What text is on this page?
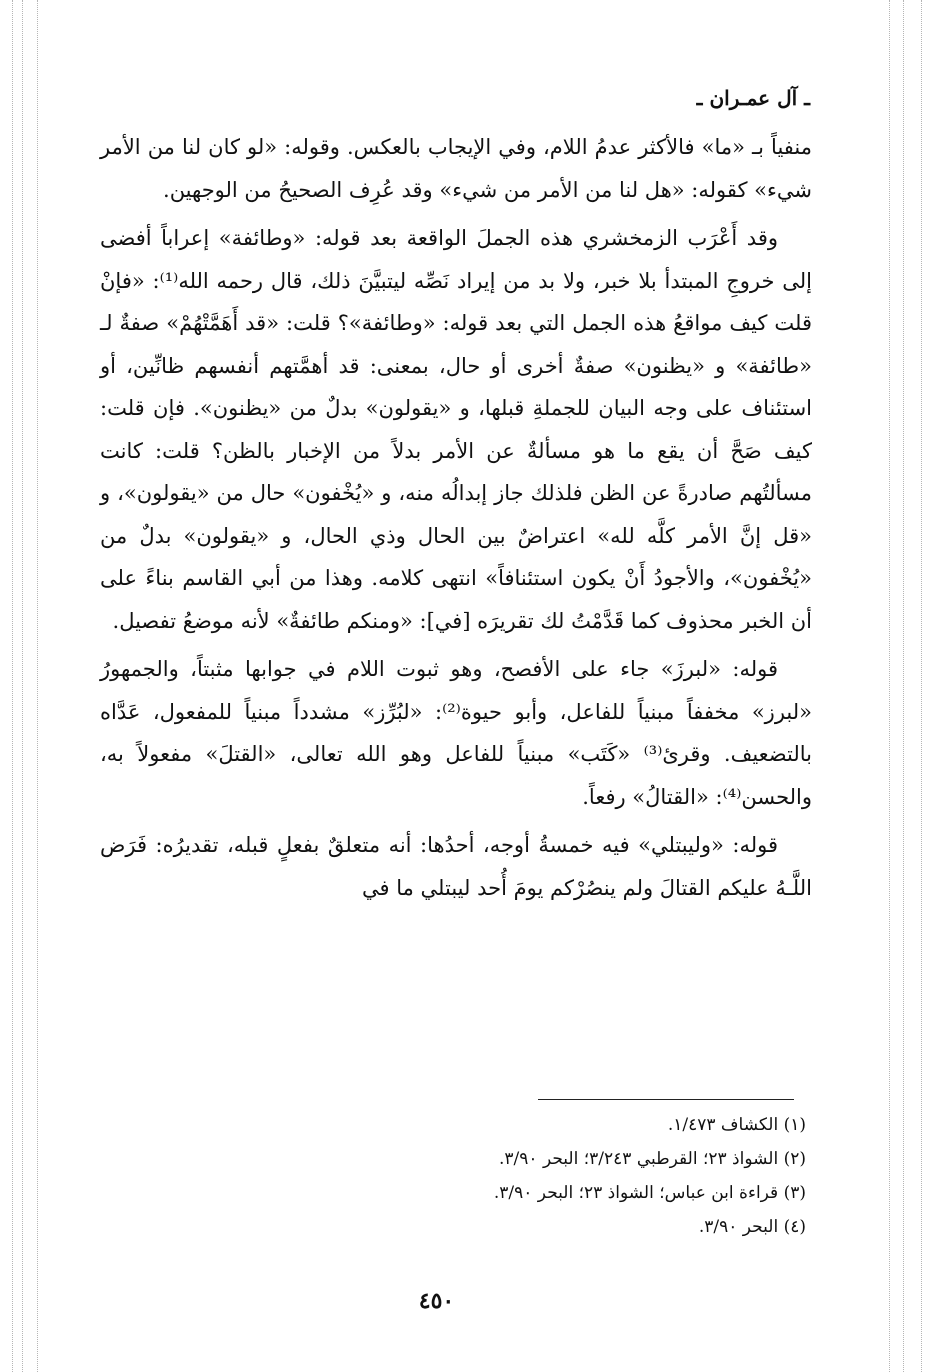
ـ آل عمـران ـ

منفياً بـ «ما» فالأكثر عدمُ اللام، وفي الإيجاب بالعكس. وقوله: «لو كان لنا من الأمر شيء» كقوله: «هل لنا من الأمر من شيء» وقد عُرِف الصحيحُ من الوجهين.

وقد أَعْرَب الزمخشري هذه الجملَ الواقعة بعد قوله: «وطائفة» إعراباً أفضى إلى خروجِ المبتدأ بلا خبر، ولا بد من إيراد نَصِّه ليتبيَّنَ ذلك، قال رحمه الله⁽¹⁾: «فإنْ قلت كيف مواقعُ هذه الجمل التي بعد قوله: «وطائفة»؟ قلت: «قد أَهَمَّتْهُمْ» صفةٌ لـ «طائفة» و «يظنون» صفةٌ أخرى أو حال، بمعنى: قد أهمَّتهم أنفسهم ظانِّين، أو استئناف على وجه البيان للجملةِ قبلها، و «يقولون» بدلٌ من «يظنون». فإن قلت: كيف صَحَّ أن يقع ما هو مسألةٌ عن الأمر بدلاً من الإخبار بالظن؟ قلت: كانت مسألتُهم صادرةً عن الظن فلذلك جاز إبدالُه منه، و «يُخْفون» حال من «يقولون»، و «قل إنَّ الأمر كلَّه لله» اعتراضٌ بين الحال وذي الحال، و «يقولون» بدلٌ من «يُخْفون»، والأجودُ أَنْ يكون استئنافاً» انتهى كلامه. وهذا من أبي القاسم بناءً على أن الخبر محذوف كما قَدَّمْتُ لك تقريرَه [في]: «ومنكم طائفةٌ» لأنه موضعُ تفصيل.

قوله: «لبرزَ» جاء على الأفصح، وهو ثبوت اللام في جوابها مثبتاً، والجمهورُ «لبرز» مخففاً مبنياً للفاعل، وأبو حيوة⁽²⁾: «لبُرِّز» مشدداً مبنياً للمفعول، عَدَّاه بالتضعيف. وقرئ⁽³⁾ «كَتَب» مبنياً للفاعل وهو الله تعالى، «القتلَ» مفعولاً به، والحسن⁽⁴⁾: «القتالُ» رفعاً.

قوله: «وليبتلي» فيه خمسةُ أوجه، أحدُها: أنه متعلقٌ بفعلٍ قبله، تقديرُه: فَرَض اللَّـهُ عليكم القتالَ ولم ينصُرْكم يومَ أُحد ليبتلي ما في

(١) الكشاف ١/٤٧٣.
(٢) الشواذ ٢٣؛ القرطبي ٣/٢٤٣؛ البحر ٣/٩٠.
(٣) قراءة ابن عباس؛ الشواذ ٢٣؛ البحر ٣/٩٠.
(٤) البحر ٣/٩٠.
٤٥٠
